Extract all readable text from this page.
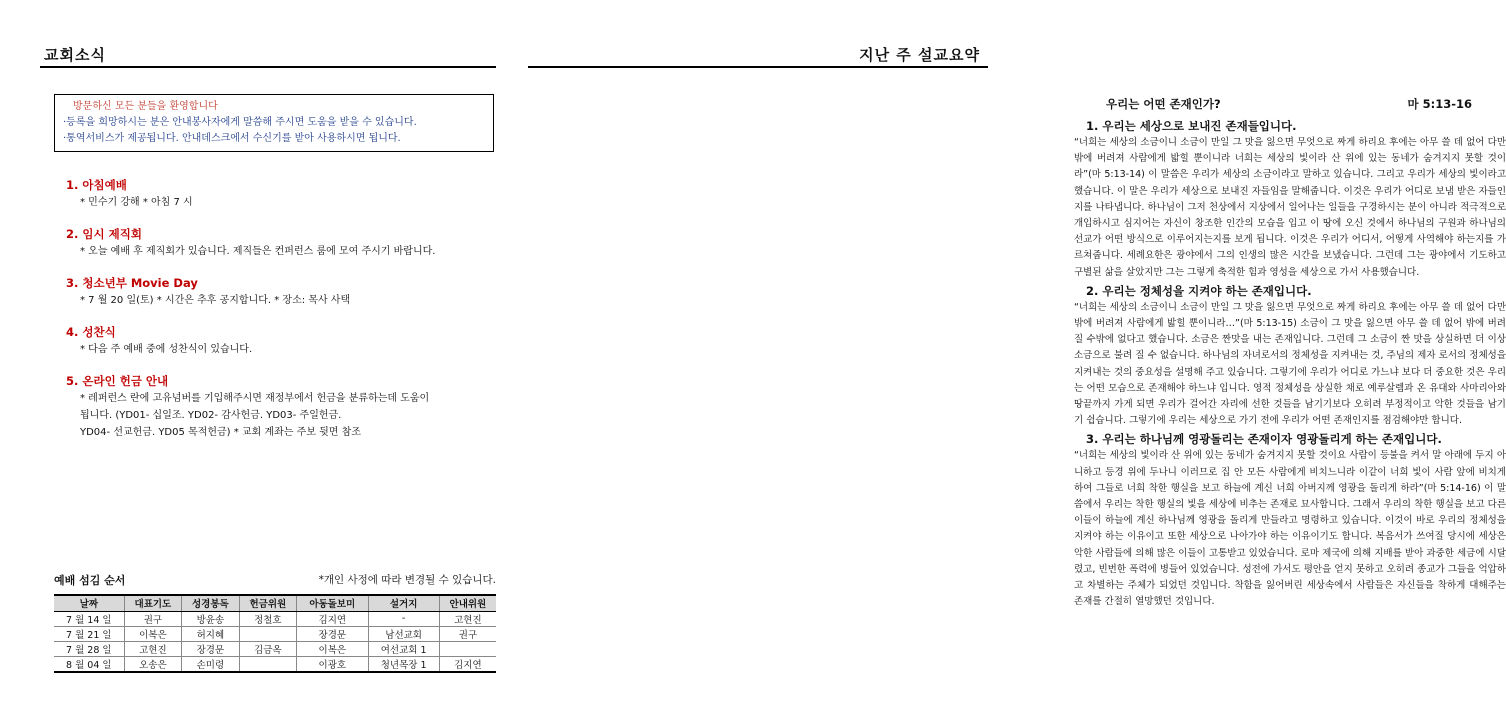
교회소식
방문하신 모든 분들을 환영합니다
·등록을 희망하시는 분은 안내봉사자에게 말씀해 주시면 도움을 받을 수 있습니다.
·통역서비스가 제공됩니다. 안내데스크에서 수신기를 받아 사용하시면 됩니다.
1. 아침예배
* 민수기 강해 * 아침 7 시
2. 임시 제직회
* 오늘 예배 후 제직회가 있습니다. 제직들은 컨퍼런스 룸에 모여 주시기 바랍니다.
3. 청소년부 Movie Day
* 7 월 20 일(토) * 시간은 추후 공지합니다. * 장소: 목사 사택
4. 성찬식
* 다음 주 예배 중에 성찬식이 있습니다.
5. 온라인 헌금 안내
* 레퍼런스 란에 고유넘버를 기입해주시면 재정부에서 헌금을 분류하는데 도움이
됩니다. (YD01- 십일조. YD02- 감사헌금. YD03- 주일헌금.
YD04- 선교헌금. YD05 목적헌금) * 교회 계좌는 주보 뒷면 참조
예배 섬김 순서	*개인 사정에 따라 변경될 수 있습니다.
날짜	대표기도	성경봉독	헌금위원	아동돌보미	설거지	안내위원
7 월 14 일	권구	방윤송	정철호	김지연	-	고현진
7 월 21 일	이복은	허지혜		장경문	남선교회	권구
7 월 28 일	고현진	장경문	김금옥	이복은	여선교회 1	
8 월 04 일	오송은	손미령		이광호	청년목장 1	김지연
지난 주 설교요약
우리는 어떤 존재인가?	마 5:13-16
1. 우리는 세상으로 보내진 존재들입니다.
“너희는 세상의 소금이니 소금이 만일 그 맛을 잃으면 무엇으로 짜게 하리요 후에는 아무 쓸 데 없어 다만 밖에 버려져 사람에게 밟힐 뿐이니라 너희는 세상의 빛이라 산 위에 있는 동네가 숨겨지지 못할 것이라”(마 5:13-14) 이 말씀은 우리가 세상의 소금이라고 말하고 있습니다. 그리고 우리가 세상의 빛이라고 했습니다. 이 말은 우리가 세상으로 보내진 자들임을 말해줍니다. 이것은 우리가 어디로 보냄 받은 자들인지를 나타냅니다. 하나님이 그저 천상에서 지상에서 일어나는 일들을 구경하시는 분이 아니라 적극적으로 개입하시고 심지어는 자신이 창조한 인간의 모습을 입고 이 땅에 오신 것에서 하나님의 구원과 하나님의 선교가 어떤 방식으로 이루어지는지를 보게 됩니다. 이것은 우리가 어디서, 어떻게 사역해야 하는지를 가르쳐줍니다. 세례요한은 광야에서 그의 인생의 많은 시간을 보냈습니다. 그런데 그는 광야에서 기도하고 구별된 삶을 살았지만 그는 그렇게 축적한 힘과 영성을 세상으로 가서 사용했습니다.
2. 우리는 정체성을 지켜야 하는 존재입니다.
“너희는 세상의 소금이니 소금이 만일 그 맛을 잃으면 무엇으로 짜게 하리요 후에는 아무 쓸 데 없어 다만 밖에 버려져 사람에게 밟힐 뿐이니라…”(마 5:13-15) 소금이 그 맛을 잃으면 아무 쓸 데 없어 밖에 버려질 수밖에 없다고 했습니다. 소금은 짠맛을 내는 존재입니다. 그런데 그 소금이 짠 맛을 상실하면 더 이상 소금으로 불려 질 수 없습니다. 하나님의 자녀로서의 정체성을 지켜내는 것, 주님의 제자 로서의 정체성을 지켜내는 것의 중요성을 설명해 주고 있습니다. 그렇기에 우리가 어디로 가느냐 보다 더 중요한 것은 우리는 어떤 모습으로 존재해야 하느냐 입니다. 영적 정체성을 상실한 채로 예루살렘과 온 유대와 사마리아와 땅끝까지 가게 되면 우리가 걸어간 자리에 선한 것들을 남기기보다 오히려 부정적이고 악한 것들을 남기기 쉽습니다. 그렇기에 우리는 세상으로 가기 전에 우리가 어떤 존재인지를 점검해야만 합니다.
3. 우리는 하나님께 영광돌리는 존재이자 영광돌리게 하는 존재입니다.
“너희는 세상의 빛이라 산 위에 있는 동네가 숨겨지지 못할 것이요 사람이 등불을 켜서 말 아래에 두지 아니하고 등경 위에 두나니 이러므로 집 안 모든 사람에게 비치느니라 이같이 너희 빛이 사람 앞에 비치게 하여 그들로 너희 착한 행실을 보고 하늘에 계신 너희 아버지께 영광을 돌리게 하라”(마 5:14-16) 이 말씀에서 우리는 착한 행실의 빛을 세상에 비추는 존재로 묘사합니다. 그래서 우리의 착한 행실을 보고 다른 이들이 하늘에 계신 하나님께 영광을 돌리게 만들라고 명령하고 있습니다. 이것이 바로 우리의 정체성을 지켜야 하는 이유이고 또한 세상으로 나아가야 하는 이유이기도 합니다. 복음서가 쓰여질 당시에 세상은 악한 사람들에 의해 많은 이들이 고통받고 있었습니다. 로마 제국에 의해 지배를 받아 과중한 세금에 시달렸고, 빈번한 폭력에 병들어 있었습니다. 성전에 가서도 평안을 얻지 못하고 오히려 종교가 그들을 억압하고 차별하는 주체가 되었던 것입니다. 착함을 잃어버린 세상속에서 사람들은 자신들을 착하게 대해주는 존재를 간절히 열망했던 것입니다.
